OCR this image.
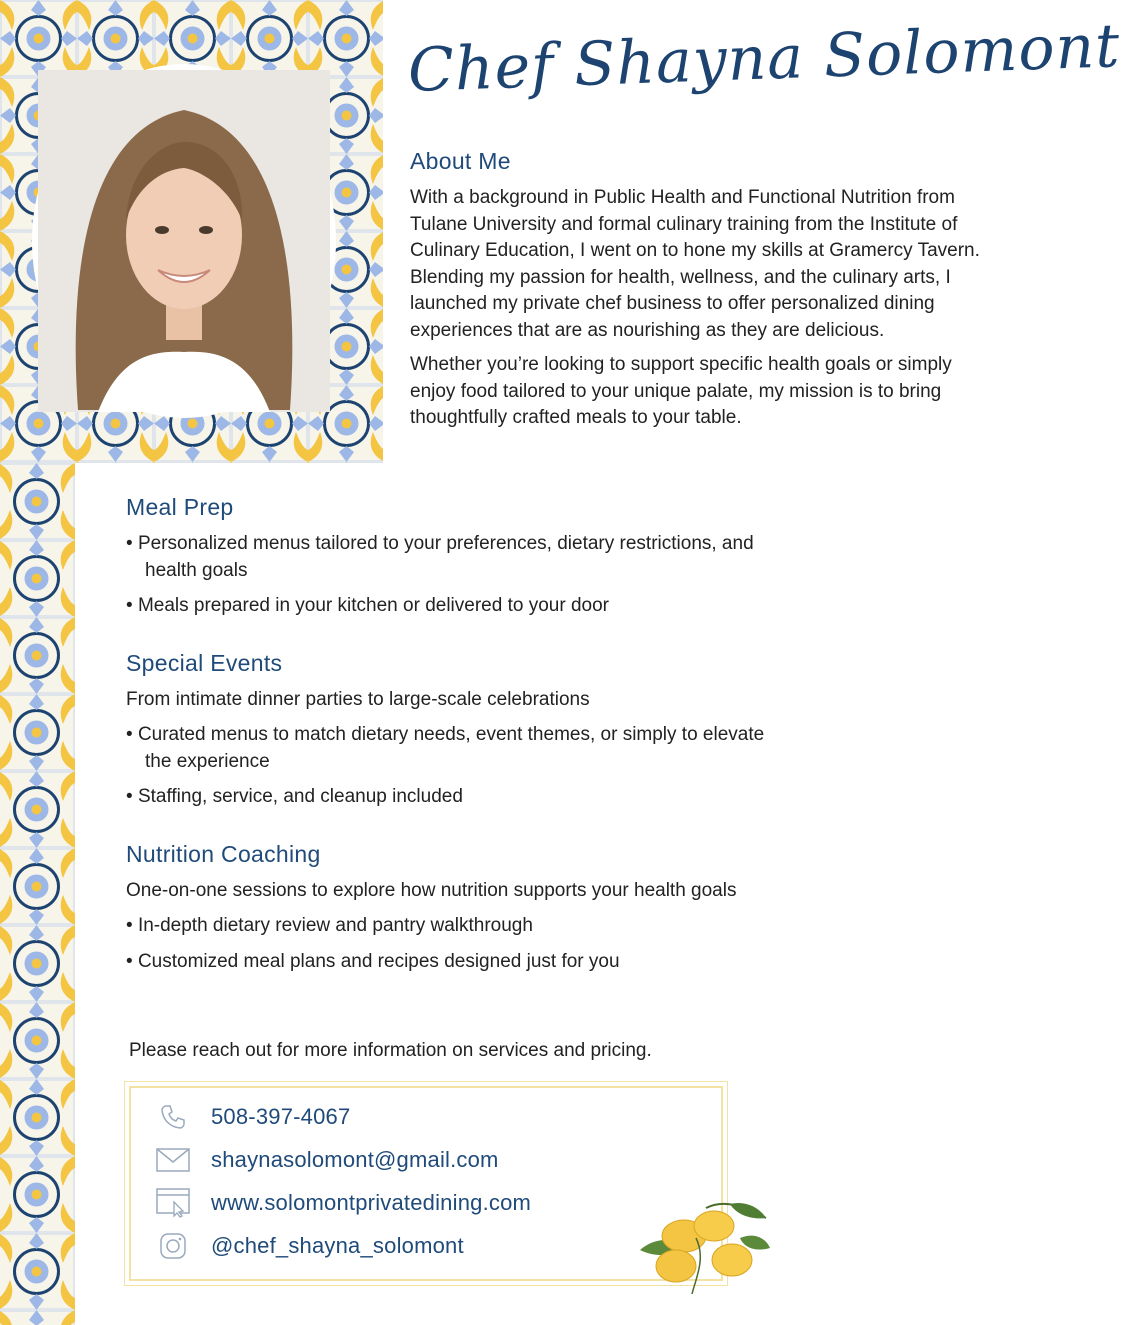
Chef Shayna Solomont
About Me

With a background in Public Health and Functional Nutrition from Tulane University and formal culinary training from the Institute of Culinary Education, I went on to hone my skills at Gramercy Tavern. Blending my passion for health, wellness, and the culinary arts, I launched my private chef business to offer personalized dining experiences that are as nourishing as they are delicious.

Whether you’re looking to support specific health goals or simply enjoy food tailored to your unique palate, my mission is to bring thoughtfully crafted meals to your table.

Meal Prep

• Personalized menus tailored to your preferences, dietary restrictions, and health goals

• Meals prepared in your kitchen or delivered to your door

Special Events

From intimate dinner parties to large-scale celebrations

• Curated menus to match dietary needs, event themes, or simply to elevate the experience

• Staffing, service, and cleanup included

Nutrition Coaching

One-on-one sessions to explore how nutrition supports your health goals

• In-depth dietary review and pantry walkthrough

• Customized meal plans and recipes designed just for you

Please reach out for more information on services and pricing.
508-397-4067
shaynasolomont@gmail.com
www.solomontprivatedining.com
@chef_shayna_solomont
